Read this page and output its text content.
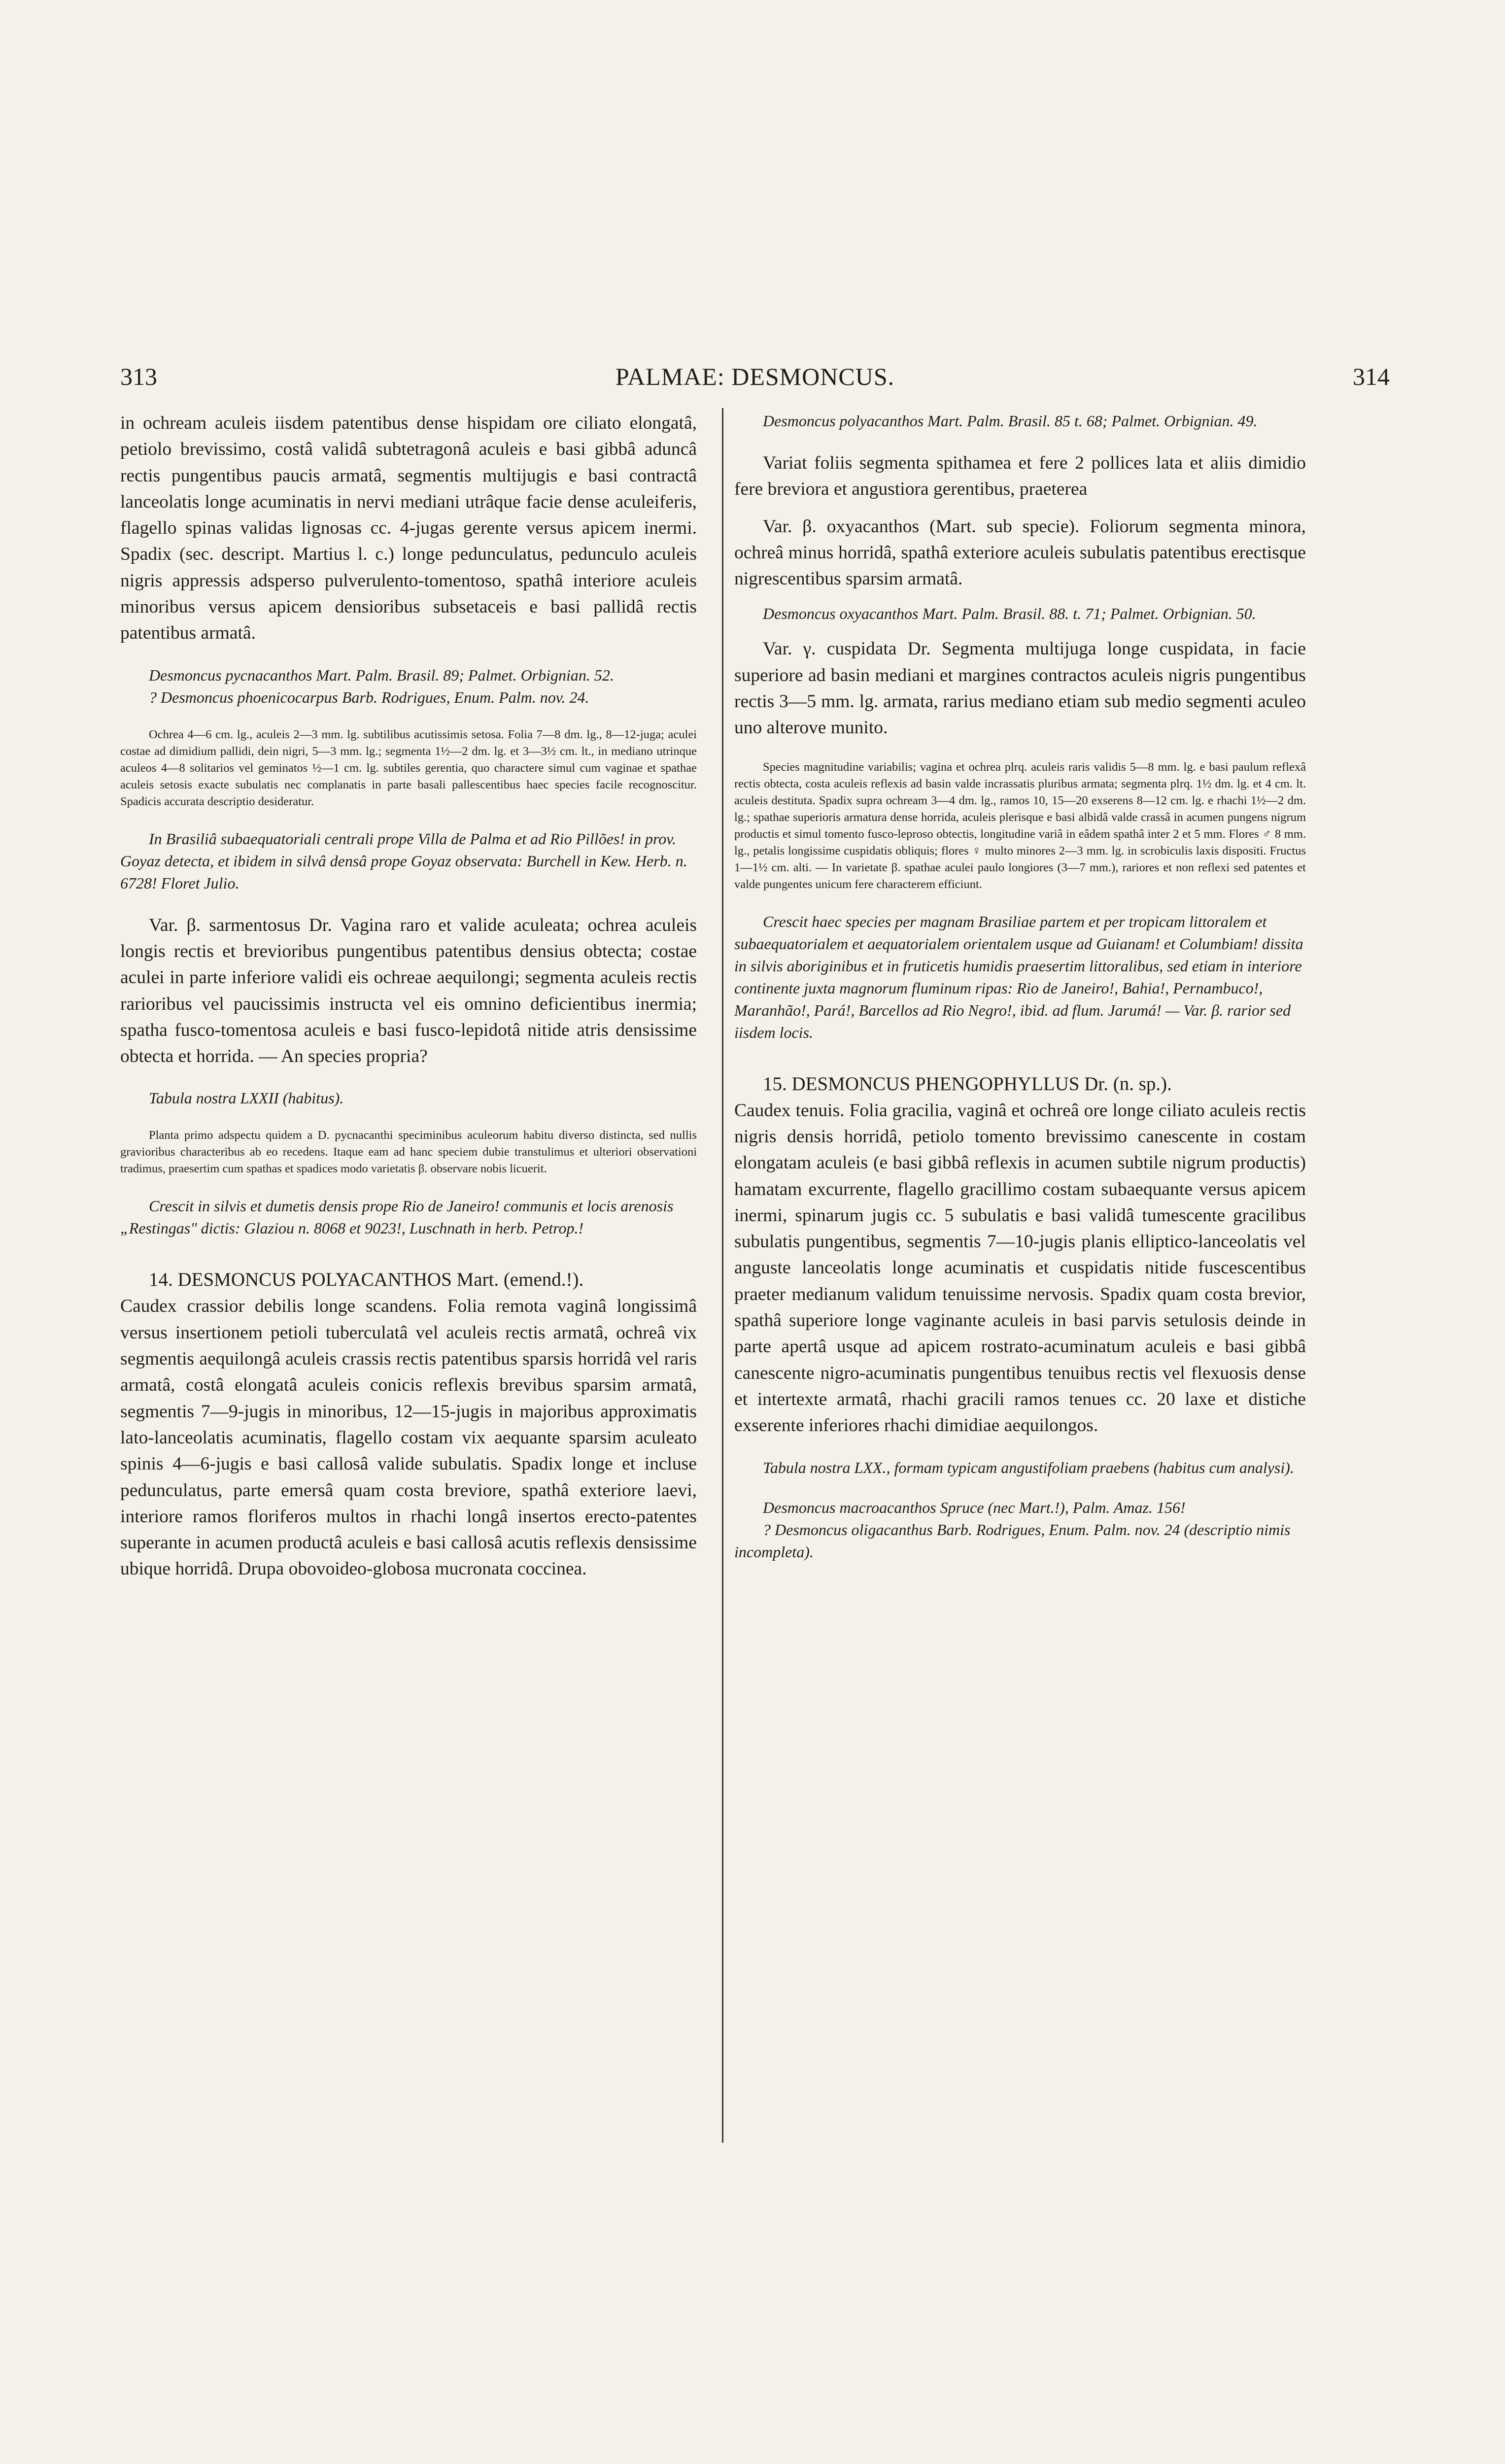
313	PALMAE: DESMONCUS.	314

in ochream aculeis iisdem patentibus dense hispidam ore ciliato elongatâ, petiolo brevissimo, costâ validâ subtetragonâ aculeis e basi gibbâ aduncâ rectis pungentibus paucis armatâ, segmentis multijugis e basi contractâ lanceolatis longe acuminatis in nervi mediani utrâque facie dense aculeiferis, flagello spinas validas lignosas cc. 4-jugas gerente versus apicem inermi. Spadix (sec. descript. Martius l. c.) longe pedunculatus, pedunculo aculeis nigris appressis adsperso pulverulento-tomentoso, spathâ interiore aculeis minoribus versus apicem densioribus subsetaceis e basi pallidâ rectis patentibus armatâ.

Desmoncus pycnacanthos Mart. Palm. Brasil. 89; Palmet. Orbignian. 52.

? Desmoncus phoenicocarpus Barb. Rodrigues, Enum. Palm. nov. 24.

Ochrea 4—6 cm. lg., aculeis 2—3 mm. lg. subtilibus acutissimis setosa. Folia 7—8 dm. lg., 8—12-juga; aculei costae ad dimidium pallidi, dein nigri, 5—3 mm. lg.; segmenta 1½—2 dm. lg. et 3—3½ cm. lt., in mediano utrinque aculeos 4—8 solitarios vel geminatos ½—1 cm. lg. subtiles gerentia, quo charactere simul cum vaginae et spathae aculeis setosis exacte subulatis nec complanatis in parte basali pallescentibus haec species facile recognoscitur. Spadicis accurata descriptio desideratur.

In Brasiliâ subaequatoriali centrali prope Villa de Palma et ad Rio Pillões! in prov. Goyaz detecta, et ibidem in silvâ densâ prope Goyaz observata: Burchell in Kew. Herb. n. 6728! Floret Julio.

Var. β. sarmentosus Dr. Vagina raro et valide aculeata; ochrea aculeis longis rectis et brevioribus pungentibus patentibus densius obtecta; costae aculei in parte inferiore validi eis ochreae aequilongi; segmenta aculeis rectis rarioribus vel paucissimis instructa vel eis omnino deficientibus inermia; spatha fusco-tomentosa aculeis e basi fusco-lepidotâ nitide atris densissime obtecta et horrida. — An species propria?

Tabula nostra LXXII (habitus).

Planta primo adspectu quidem a D. pycnacanthi speciminibus aculeorum habitu diverso distincta, sed nullis gravioribus characteribus ab eo recedens. Itaque eam ad hanc speciem dubie transtulimus et ulteriori observationi tradimus, praesertim cum spathas et spadices modo varietatis β. observare nobis licuerit.

Crescit in silvis et dumetis densis prope Rio de Janeiro! communis et locis arenosis „Restingas" dictis: Glaziou n. 8068 et 9023!, Luschnath in herb. Petrop.!

14. DESMONCUS POLYACANTHOS Mart. (emend.!).

Caudex crassior debilis longe scandens. Folia remota vaginâ longissimâ versus insertionem petioli tuberculatâ vel aculeis rectis armatâ, ochreâ vix segmentis aequilongâ aculeis crassis rectis patentibus sparsis horridâ vel raris armatâ, costâ elongatâ aculeis conicis reflexis brevibus sparsim armatâ, segmentis 7—9-jugis in minoribus, 12—15-jugis in majoribus approximatis lato-lanceolatis acuminatis, flagello costam vix aequante sparsim aculeato spinis 4—6-jugis e basi callosâ valide subulatis. Spadix longe et incluse pedunculatus, parte emersâ quam costa breviore, spathâ exteriore laevi, interiore ramos floriferos multos in rhachi longâ insertos erecto-patentes superante in acumen productâ aculeis e basi callosâ acutis reflexis densissime ubique horridâ. Drupa obovoideo-globosa mucronata coccinea.

Desmoncus polyacanthos Mart. Palm. Brasil. 85 t. 68; Palmet. Orbignian. 49.

Variat foliis segmenta spithamea et fere 2 pollices lata et aliis dimidio fere breviora et angustiora gerentibus, praeterea

Var. β. oxyacanthos (Mart. sub specie). Foliorum segmenta minora, ochreâ minus horridâ, spathâ exteriore aculeis subulatis patentibus erectisque nigrescentibus sparsim armatâ.

Desmoncus oxyacanthos Mart. Palm. Brasil. 88. t. 71; Palmet. Orbignian. 50.

Var. γ. cuspidata Dr. Segmenta multijuga longe cuspidata, in facie superiore ad basin mediani et margines contractos aculeis nigris pungentibus rectis 3—5 mm. lg. armata, rarius mediano etiam sub medio segmenti aculeo uno alterove munito.

Species magnitudine variabilis; vagina et ochrea plrq. aculeis raris validis 5—8 mm. lg. e basi paulum reflexâ rectis obtecta, costa aculeis reflexis ad basin valde incrassatis pluribus armata; segmenta plrq. 1½ dm. lg. et 4 cm. lt. aculeis destituta. Spadix supra ochream 3—4 dm. lg., ramos 10, 15—20 exserens 8—12 cm. lg. e rhachi 1½—2 dm. lg.; spathae superioris armatura dense horrida, aculeis plerisque e basi albidâ valde crassâ in acumen pungens nigrum productis et simul tomento fusco-leproso obtectis, longitudine variâ in eâdem spathâ inter 2 et 5 mm. Flores ♂ 8 mm. lg., petalis longissime cuspidatis obliquis; flores ♀ multo minores 2—3 mm. lg. in scrobiculis laxis dispositi. Fructus 1—1½ cm. alti. — In varietate β. spathae aculei paulo longiores (3—7 mm.), rariores et non reflexi sed patentes et valde pungentes unicum fere characterem efficiunt.

Crescit haec species per magnam Brasiliae partem et per tropicam littoralem et subaequatorialem et aequatorialem orientalem usque ad Guianam! et Columbiam! dissita in silvis aboriginibus et in fruticetis humidis praesertim littoralibus, sed etiam in interiore continente juxta magnorum fluminum ripas: Rio de Janeiro!, Bahia!, Pernambuco!, Maranhão!, Pará!, Barcellos ad Rio Negro!, ibid. ad flum. Jarumá! — Var. β. rarior sed iisdem locis.

15. DESMONCUS PHENGOPHYLLUS Dr. (n. sp.).

Caudex tenuis. Folia gracilia, vaginâ et ochreâ ore longe ciliato aculeis rectis nigris densis horridâ, petiolo tomento brevissimo canescente in costam elongatam aculeis (e basi gibbâ reflexis in acumen subtile nigrum productis) hamatam excurrente, flagello gracillimo costam subaequante versus apicem inermi, spinarum jugis cc. 5 subulatis e basi validâ tumescente gracilibus subulatis pungentibus, segmentis 7—10-jugis planis elliptico-lanceolatis vel anguste lanceolatis longe acuminatis et cuspidatis nitide fuscescentibus praeter medianum validum tenuissime nervosis. Spadix quam costa brevior, spathâ superiore longe vaginante aculeis in basi parvis setulosis deinde in parte apertâ usque ad apicem rostrato-acuminatum aculeis e basi gibbâ canescente nigro-acuminatis pungentibus tenuibus rectis vel flexuosis dense et intertexte armatâ, rhachi gracili ramos tenues cc. 20 laxe et distiche exserente inferiores rhachi dimidiae aequilongos.

Tabula nostra LXX., formam typicam angustifoliam praebens (habitus cum analysi).

Desmoncus macroacanthos Spruce (nec Mart.!), Palm. Amaz. 156!

? Desmoncus oligacanthus Barb. Rodrigues, Enum. Palm. nov. 24 (descriptio nimis incompleta).
